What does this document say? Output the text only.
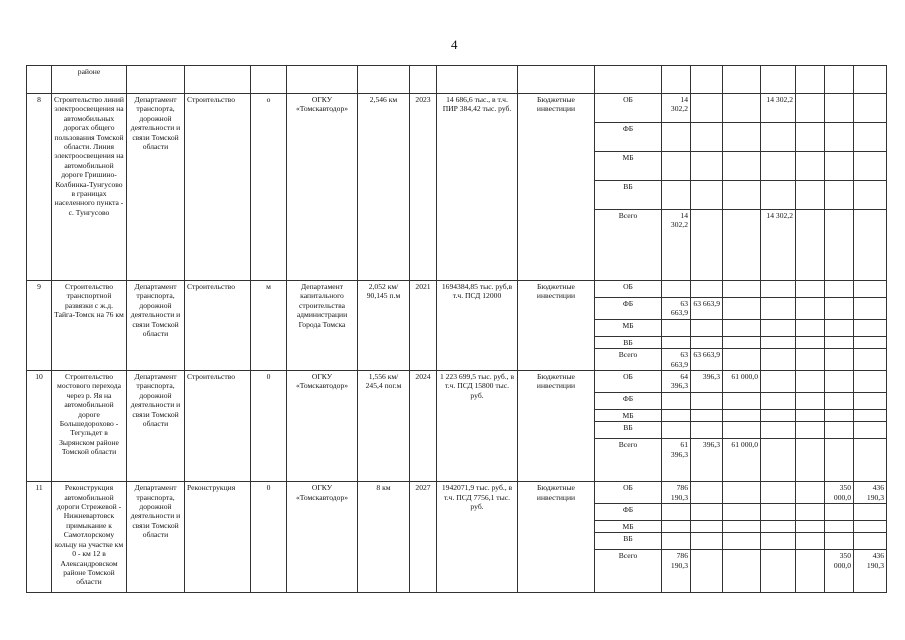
4
	районе																
8	Строительство линий электроосвещения на автомобильных дорогах общего пользования Томской области. Линия электроосвещения на автомобильной дороге Гришино-Колбинка-Тунгусово в границах населенного пункта - с. Тунгусово	Департамент транспорта, дорожной деятельности и связи Томской области	Строительство	о	ОГКУ «Томскавтодор»	2,546 км	2023	14 686,6 тыс., в т.ч. ПИР 384,42 тыс. руб.	Бюджетные инвестиции	ОБ	14 302,2			14 302,2			
										ФБ							
										МБ							
										ВБ							
										Всего	14 302,2			14 302,2			
9	Строительство транспортной развязки с ж.д. Тайга-Томск на 76 км	Департамент транспорта, дорожной деятельности и связи Томской области	Строительство	м	Департамент капитального строительства администрации Города Томска	2,052 км/ 90,145 п.м	2021	1694384,85 тыс. руб,в т.ч. ПСД 12000	Бюджетные инвестиции	ОБ							
										ФБ	63 663,9	63 663,9					
										МБ							
										ВБ							
										Всего	63 663,9	63 663,9					
10	Строительство мостового перехода через р. Яя на автомобильной дороге Большедорохово - Тегульдет в Зырянском районе Томской области	Департамент транспорта, дорожной деятельности и связи Томской области	Строительство	0	ОГКУ «Томскавтодор»	1,556 км/ 245,4 пог.м	2024	1 223 699,5 тыс. руб., в т.ч. ПСД 15800 тыс. руб.	Бюджетные инвестиции	ОБ	64 396,3	396,3	61 000,0				
										ФБ							
										МБ							
										ВБ							
										Всего	61 396,3	396,3	61 000,0				
11	Реконструкция автомобильной дороги Стрежевой - Нижневартовск примыкание к Самотлорскому кольцу на участке км 0 - км 12 в Александровском районе Томской области	Департамент транспорта, дорожной деятельности и связи Томской области	Реконструкция	0	ОГКУ «Томскавтодор»	8 км	2027	1942071,9 тыс. руб., в т.ч. ПСД 7756,1 тыс. руб.	Бюджетные инвестиции	ОБ	786 190,3					350 000,0	436 190,3
										ФБ							
										МБ							
										ВБ							
										Всего	786 190,3					350 000,0	436 190,3
